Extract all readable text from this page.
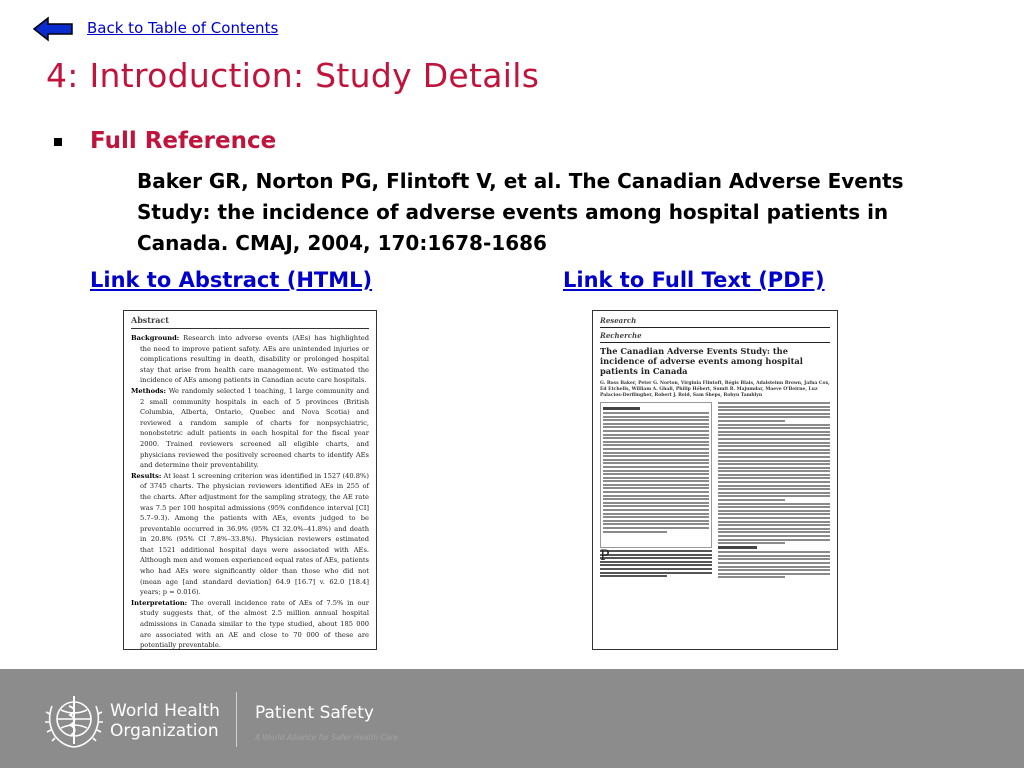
Back to Table of Contents
4: Introduction: Study Details
Full Reference
Baker GR, Norton PG, Flintoft V, et al. The Canadian Adverse Events
Study: the incidence of adverse events among hospital patients in
Canada. CMAJ, 2004, 170:1678-1686
Link to Abstract (HTML)	Link to Full Text (PDF)
Abstract

Background: Research into adverse events (AEs) has highlighted the need to improve patient safety. AEs are unintended injuries or complications resulting in death, disability or prolonged hospital stay that arise from health care management. We estimated the incidence of AEs among patients in Canadian acute care hospitals.

Methods: We randomly selected 1 teaching, 1 large community and 2 small community hospitals in each of 5 provinces (British Columbia, Alberta, Ontario, Quebec and Nova Scotia) and reviewed a random sample of charts for nonpsychiatric, nonobstetric adult patients in each hospital for the fiscal year 2000. Trained reviewers screened all eligible charts, and physicians reviewed the positively screened charts to identify AEs and determine their preventability.

Results: At least 1 screening criterion was identified in 1527 (40.8%) of 3745 charts. The physician reviewers identified AEs in 255 of the charts. After adjustment for the sampling strategy, the AE rate was 7.5 per 100 hospital admissions (95% confidence interval [CI] 5.7–9.3). Among the patients with AEs, events judged to be preventable occurred in 36.9% (95% CI 32.0%–41.8%) and death in 20.8% (95% CI 7.8%–33.8%). Physician reviewers estimated that 1521 additional hospital days were associated with AEs. Although men and women experienced equal rates of AEs, patients who had AEs were significantly older than those who did not (mean age [and standard deviation] 64.9 [16.7] v. 62.0 [18.4] years; p = 0.016).

Interpretation: The overall incidence rate of AEs of 7.5% in our study suggests that, of the almost 2.5 million annual hospital admissions in Canada similar to the type studied, about 185 000 are associated with an AE and close to 70 000 of these are potentially preventable.

Research
Recherche
The Canadian Adverse Events Study: the incidence of adverse events among hospital patients in Canada
G. Ross Baker, Peter G. Norton, Virginia Flintoft, Régis Blais, Adalsteinn Brown, Jafna Cox, Ed Etchells, William A. Ghali, Philip Hébert, Sumit R. Majumdar, Maeve O'Beirne, Luz Palacios-Derflingher, Robert J. Reid, Sam Sheps, Robyn Tamblyn
P
World Health
Organization
Patient Safety
A World Alliance for Safer Health Care
